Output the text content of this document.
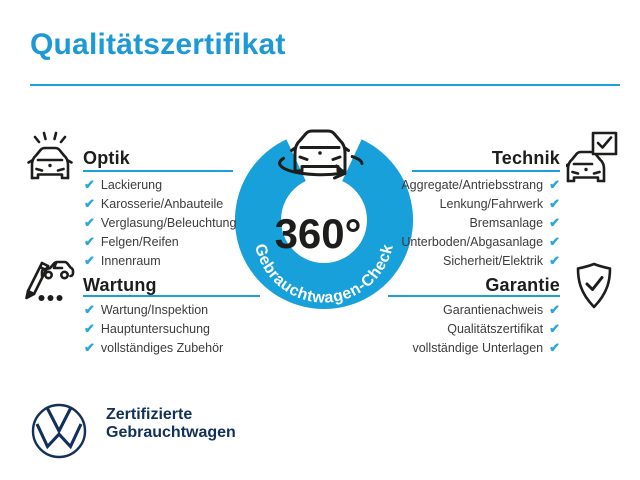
Qualitätszertifikat
Gebrauchtwagen-Check
360°
Optik
✔ Lackierung
✔ Karosserie/Anbauteile
✔ Verglasung/Beleuchtung
✔ Felgen/Reifen
✔ Innenraum
Technik
Aggregate/Antriebsstrang ✔
Lenkung/Fahrwerk ✔
Bremsanlage ✔
Unterboden/Abgasanlage ✔
Sicherheit/Elektrik ✔
Wartung
✔ Wartung/Inspektion
✔ Hauptuntersuchung
✔ vollständiges Zubehör
Garantie
Garantienachweis ✔
Qualitätszertifikat ✔
vollständige Unterlagen ✔
Zertifizierte
Gebrauchtwagen
